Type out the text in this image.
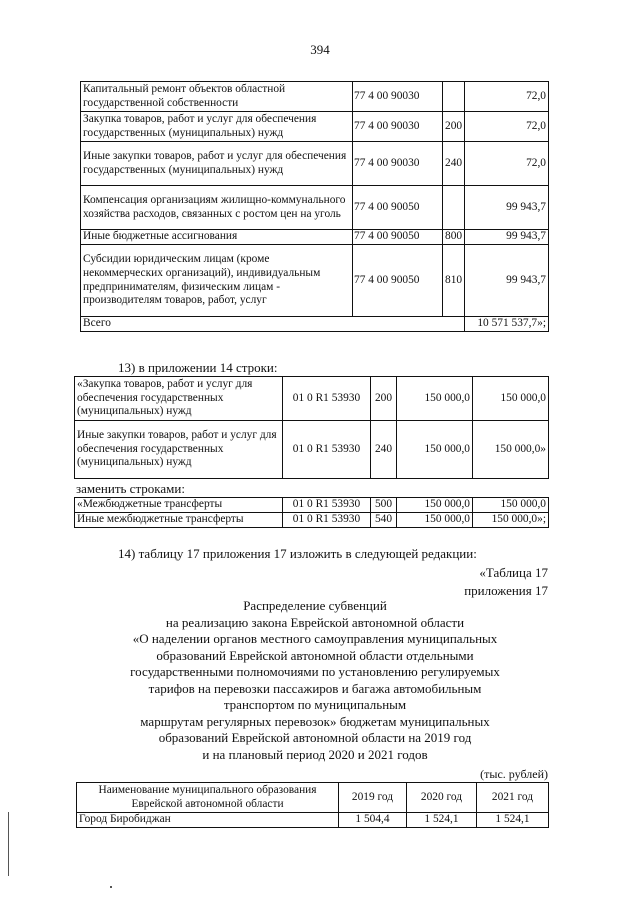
394
Капитальный ремонт объектов областной государственной собственности	77 4 00 90030		72,0
Закупка товаров, работ и услуг для обеспечения государственных (муниципальных) нужд	77 4 00 90030	200	72,0
Иные закупки товаров, работ и услуг для обеспечения государственных (муниципальных) нужд	77 4 00 90030	240	72,0
Компенсация организациям жилищно-коммунального хозяйства расходов, связанных с ростом цен на уголь	77 4 00 90050		99 943,7
Иные бюджетные ассигнования	77 4 00 90050	800	99 943,7
Субсидии юридическим лицам (кроме некоммерческих организаций), индивидуальным предпринимателям, физическим лицам - производителям товаров, работ, услуг	77 4 00 90050	810	99 943,7
Всего			10 571 537,7»;
13) в приложении 14 строки:
«Закупка товаров, работ и услуг для обеспечения государственных (муниципальных) нужд	01 0 R1 53930	200	150 000,0	150 000,0
Иные закупки товаров, работ и услуг для обеспечения государственных (муниципальных) нужд	01 0 R1 53930	240	150 000,0	150 000,0»
заменить строками:
«Межбюджетные трансферты	01 0 R1 53930	500	150 000,0	150 000,0
Иные межбюджетные трансферты	01 0 R1 53930	540	150 000,0	150 000,0»;
14) таблицу 17 приложения 17 изложить в следующей редакции:
«Таблица 17
приложения 17
Распределение субвенций
на реализацию закона Еврейской автономной области
«О наделении органов местного самоуправления муниципальных
образований Еврейской автономной области отдельными
государственными полномочиями по установлению регулируемых
тарифов на перевозки пассажиров и багажа автомобильным
транспортом по муниципальным
маршрутам регулярных перевозок» бюджетам муниципальных
образований Еврейской автономной области на 2019 год
и на плановый период 2020 и 2021 годов
(тыс. рублей)
Наименование муниципального образования Еврейской автономной области	2019 год	2020 год	2021 год
Город Биробиджан	1 504,4	1 524,1	1 524,1
